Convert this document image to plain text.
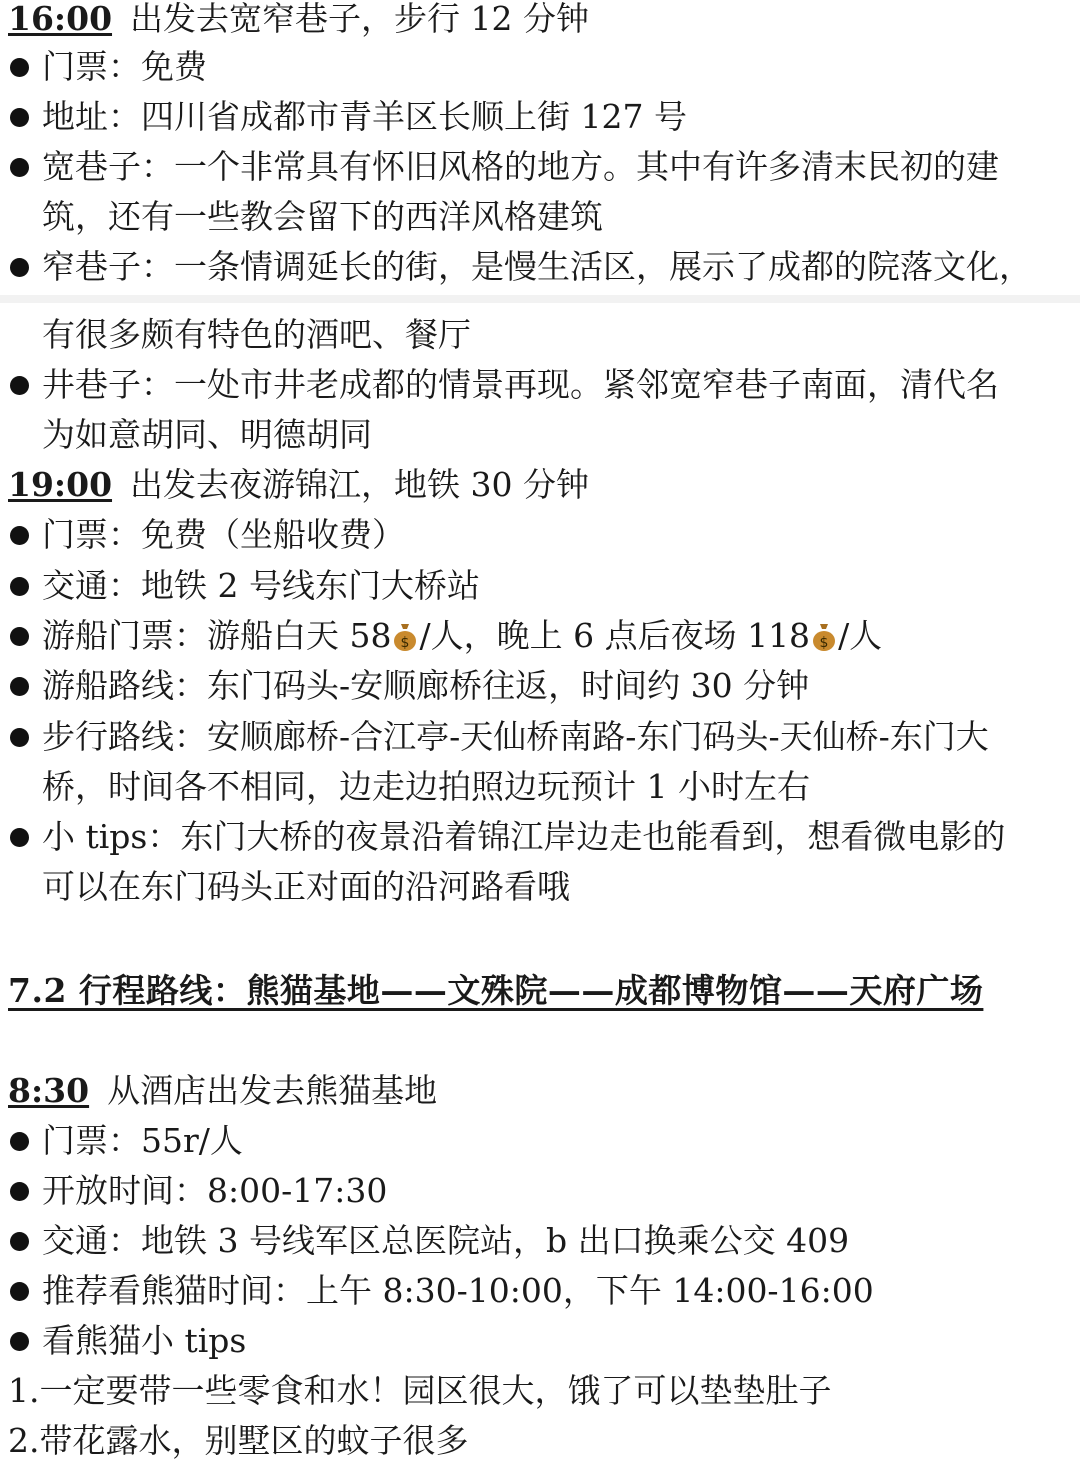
16:00 出发去宽窄巷子，步行 12 分钟
门票：免费
地址：四川省成都市青羊区长顺上街 127 号
宽巷子：一个非常具有怀旧风格的地方。其中有许多清末民初的建
筑，还有一些教会留下的西洋风格建筑
窄巷子：一条情调延长的街，是慢生活区，展示了成都的院落文化，
有很多颇有特色的酒吧、餐厅
井巷子：一处市井老成都的情景再现。紧邻宽窄巷子南面，清代名
为如意胡同、明德胡同
19:00 出发去夜游锦江，地铁 30 分钟
门票：免费（坐船收费）
交通：地铁 2 号线东门大桥站
游船门票：游船白天 58 $ /人，晚上 6 点后夜场 118 $ /人
游船路线：东门码头-安顺廊桥往返，时间约 30 分钟
步行路线：安顺廊桥-合江亭-天仙桥南路-东门码头-天仙桥-东门大
桥，时间各不相同，边走边拍照边玩预计 1 小时左右
小 tips：东门大桥的夜景沿着锦江岸边走也能看到，想看微电影的
可以在东门码头正对面的沿河路看哦
7.2 行程路线：熊猫基地——文殊院——成都博物馆——天府广场
8:30 从酒店出发去熊猫基地
门票：55r/人
开放时间：8:00-17:30
交通：地铁 3 号线军区总医院站，b 出口换乘公交 409
推荐看熊猫时间：上午 8:30-10:00，下午 14:00-16:00
看熊猫小 tips
1.一定要带一些零食和水！园区很大，饿了可以垫垫肚子
2.带花露水，别墅区的蚊子很多
